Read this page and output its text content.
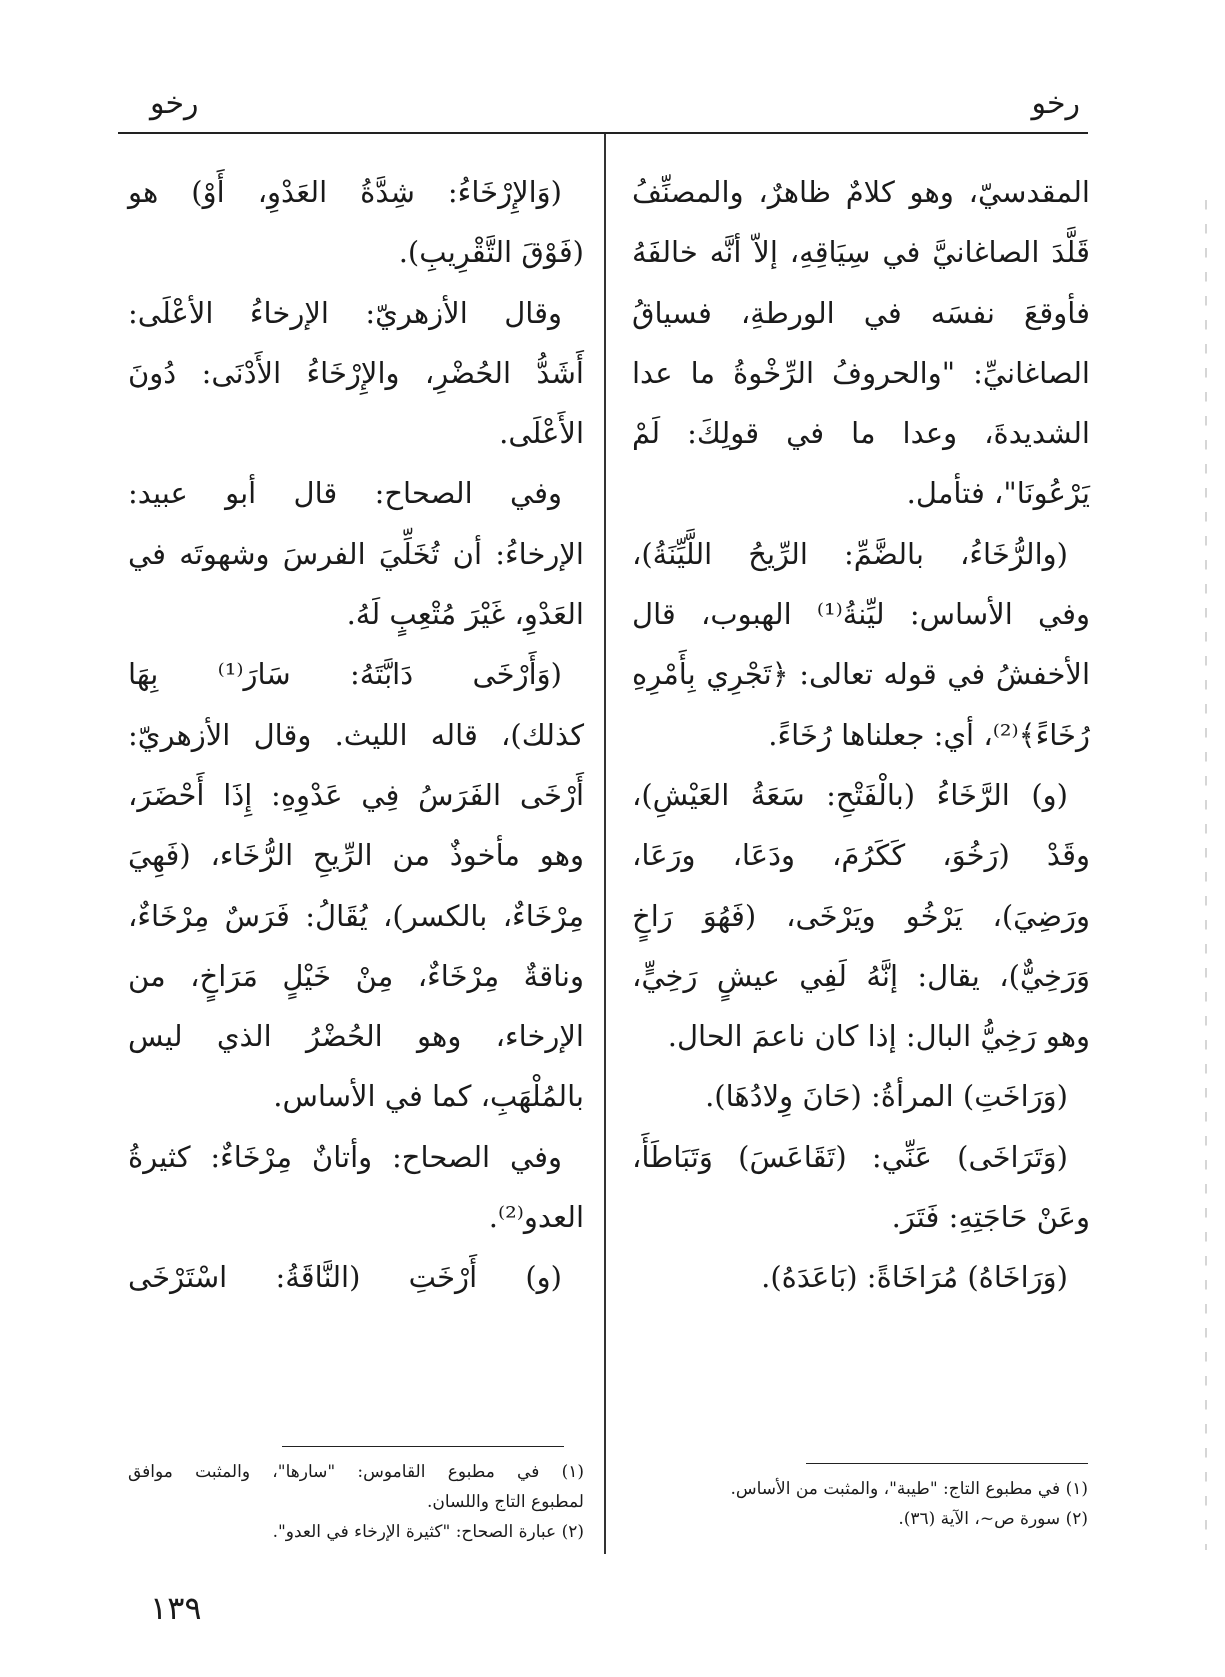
رخو
رخو
المقدسيّ، وهو كلامٌ ظاهرٌ، والمصنِّفُ
قَلَّدَ الصاغانيَّ في سِيَاقِهِ، إلاّ أنَّه خالفَهُ
فأوقعَ نفسَه في الورطةِ، فسياقُ
الصاغانيِّ: "والحروفُ الرِّخْوةُ ما عدا
الشديدةَ، وعدا ما في قولِكَ: لَمْ
يَرْعُونَا"، فتأمل.
(والرُّخَاءُ، بالضَّمِّ: الرِّيحُ اللَّيِّنَةُ)،
وفي الأساس: ليِّنةُ⁽¹⁾ الهبوب، قال
الأخفشُ في قوله تعالى: ﴿تَجْرِي بِأَمْرِهِ
رُخَاءً﴾⁽²⁾، أي: جعلناها رُخَاءً.
(و) الرَّخَاءُ (بالْفَتْحِ: سَعَةُ العَيْشِ)،
وقَدْ (رَخُوَ، كَكَرُمَ، ودَعَا، ورَعَا،
ورَضِيَ)، يَرْخُو ويَرْخَى، (فَهُوَ رَاخٍ
وَرَخِيٌّ)، يقال: إنَّهُ لَفِي عيشٍ رَخِيٍّ،
وهو رَخِيُّ البال: إذا كان ناعمَ الحال.
(وَرَاخَتِ) المرأةُ: (حَانَ وِلادُهَا).
(وَتَرَاخَى) عَنِّي: (تَقَاعَسَ) وَتَبَاطَأَ،
وعَنْ حَاجَتِهِ: فَتَرَ.
(وَرَاخَاهُ) مُرَاخَاةً: (بَاعَدَهُ).
(وَالإِرْخَاءُ: شِدَّةُ العَدْوِ، أَوْ) هو
(فَوْقَ التَّقْرِيبِ).
وقال الأزهريّ: الإرخاءُ الأعْلَى:
أَشَدُّ الحُضْرِ، والإِرْخَاءُ الأَدْنَى: دُونَ
الأَعْلَى.
وفي الصحاح: قال أبو عبيد:
الإرخاءُ: أن تُخَلِّيَ الفرسَ وشهوتَه في
العَدْوِ، غَيْرَ مُتْعِبٍ لَهُ.
(وَأَرْخَى دَابَّتَهُ: سَارَ⁽¹⁾ بِهَا
كذلك)، قاله الليث. وقال الأزهريّ:
أَرْخَى الفَرَسُ فِي عَدْوِهِ: إِذَا أَحْضَرَ،
وهو مأخوذٌ من الرِّيحِ الرُّخَاء، (فَهِيَ
مِرْخَاءٌ، بالكسر)، يُقَالُ: فَرَسٌ مِرْخَاءٌ،
وناقةٌ مِرْخَاءٌ، مِنْ خَيْلٍ مَرَاخٍ، من
الإرخاء، وهو الحُضْرُ الذي ليس
بالمُلْهَبِ، كما في الأساس.
وفي الصحاح: وأتانٌ مِرْخَاءٌ: كثيرةُ
العدو⁽²⁾.
(و) أَرْخَتِ (النَّاقَةُ: اسْتَرْخَى
(١) في مطبوع التاج: "طيبة"، والمثبت من الأساس.
(٢) سورة ص~، الآية (٣٦).
(١) في مطبوع القاموس: "سارها"، والمثبت موافق
لمطبوع التاج واللسان.
(٢) عبارة الصحاح: "كثيرة الإرخاء في العدو".
١٣٩
